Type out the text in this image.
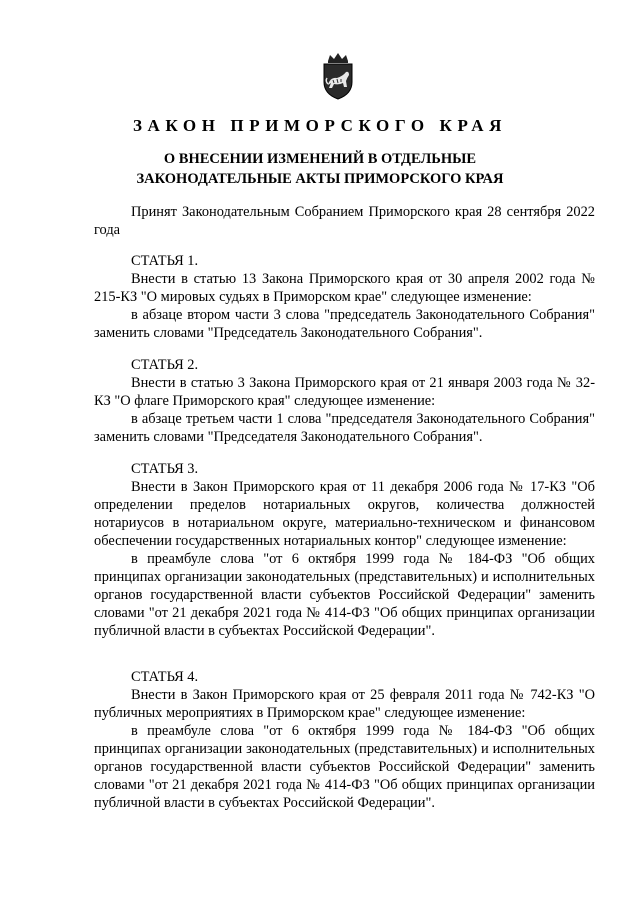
ЗАКОН ПРИМОРСКОГО КРАЯ
О ВНЕСЕНИИ ИЗМЕНЕНИЙ В ОТДЕЛЬНЫЕ
ЗАКОНОДАТЕЛЬНЫЕ АКТЫ ПРИМОРСКОГО КРАЯ

Принят Законодательным Собранием Приморского края 28 сентября 2022 года

СТАТЬЯ 1.

Внести в статью 13 Закона Приморского края от 30 апреля 2002 года № 215-КЗ "О мировых судьях в Приморском крае" следующее изменение:

в абзаце втором части 3 слова "председатель Законодательного Собрания" заменить словами "Председатель Законодательного Собрания".

СТАТЬЯ 2.

Внести в статью 3 Закона Приморского края от 21 января 2003 года № 32-КЗ "О флаге Приморского края" следующее изменение:

в абзаце третьем части 1 слова "председателя Законодательного Собрания" заменить словами "Председателя Законодательного Собрания".

СТАТЬЯ 3.

Внести в Закон Приморского края от 11 декабря 2006 года № 17-КЗ "Об определении пределов нотариальных округов, количества должностей нотариусов в нотариальном округе, материально-техническом и финансовом обеспечении государственных нотариальных контор" следующее изменение:

в преамбуле слова "от 6 октября 1999 года № 184-ФЗ "Об общих принципах организации законодательных (представительных) и исполнительных органов государственной власти субъектов Российской Федерации" заменить словами "от 21 декабря 2021 года № 414-ФЗ "Об общих принципах организации публичной власти в субъектах Российской Федерации".

СТАТЬЯ 4.

Внести в Закон Приморского края от 25 февраля 2011 года № 742-КЗ "О публичных мероприятиях в Приморском крае" следующее изменение:

в преамбуле слова "от 6 октября 1999 года № 184-ФЗ "Об общих принципах организации законодательных (представительных) и исполнительных органов государственной власти субъектов Российской Федерации" заменить словами "от 21 декабря 2021 года № 414-ФЗ "Об общих принципах организации публичной власти в субъектах Российской Федерации".
